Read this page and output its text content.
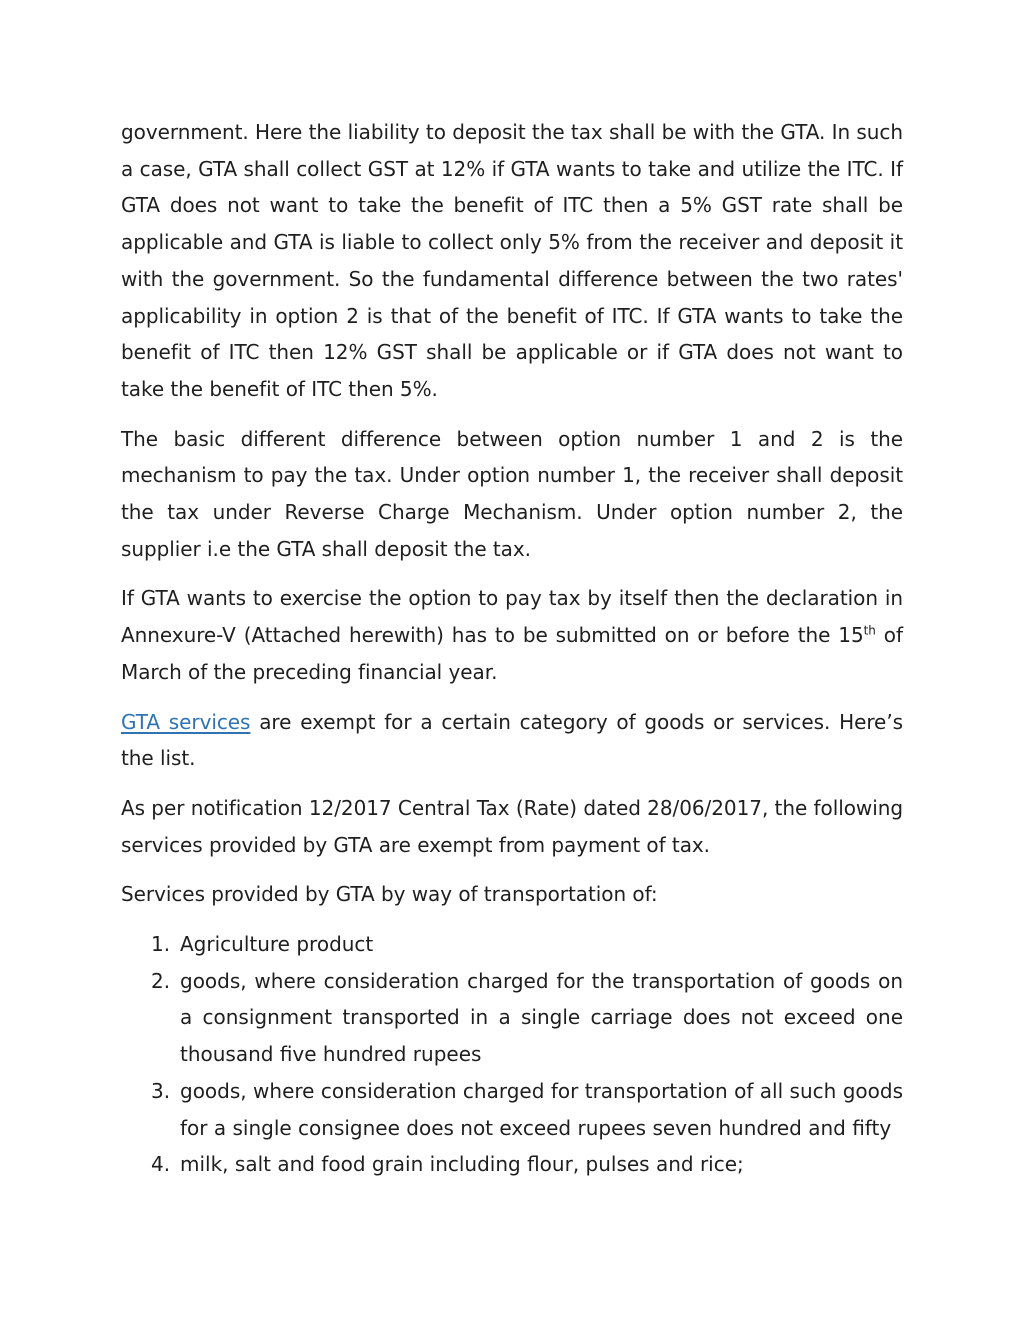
government. Here the liability to deposit the tax shall be with the GTA. In such a case, GTA shall collect GST at 12% if GTA wants to take and utilize the ITC. If GTA does not want to take the benefit of ITC then a 5% GST rate shall be applicable and GTA is liable to collect only 5% from the receiver and deposit it with the government. So the fundamental difference between the two rates' applicability in option 2 is that of the benefit of ITC. If GTA wants to take the benefit of ITC then 12% GST shall be applicable or if GTA does not want to take the benefit of ITC then 5%.

The basic different difference between option number 1 and 2 is the mechanism to pay the tax. Under option number 1, the receiver shall deposit the tax under Reverse Charge Mechanism. Under option number 2, the supplier i.e the GTA shall deposit the tax.

If GTA wants to exercise the option to pay tax by itself then the declaration in Annexure-V (Attached herewith) has to be submitted on or before the 15th of March of the preceding financial year.

GTA services are exempt for a certain category of goods or services. Here’s the list.

As per notification 12/2017 Central Tax (Rate) dated 28/06/2017, the following services provided by GTA are exempt from payment of tax.

Services provided by GTA by way of transportation of:

1. Agriculture product
2. goods, where consideration charged for the transportation of goods on a consignment transported in a single carriage does not exceed one thousand five hundred rupees
3. goods, where consideration charged for transportation of all such goods for a single consignee does not exceed rupees seven hundred and fifty
4. milk, salt and food grain including flour, pulses and rice;
